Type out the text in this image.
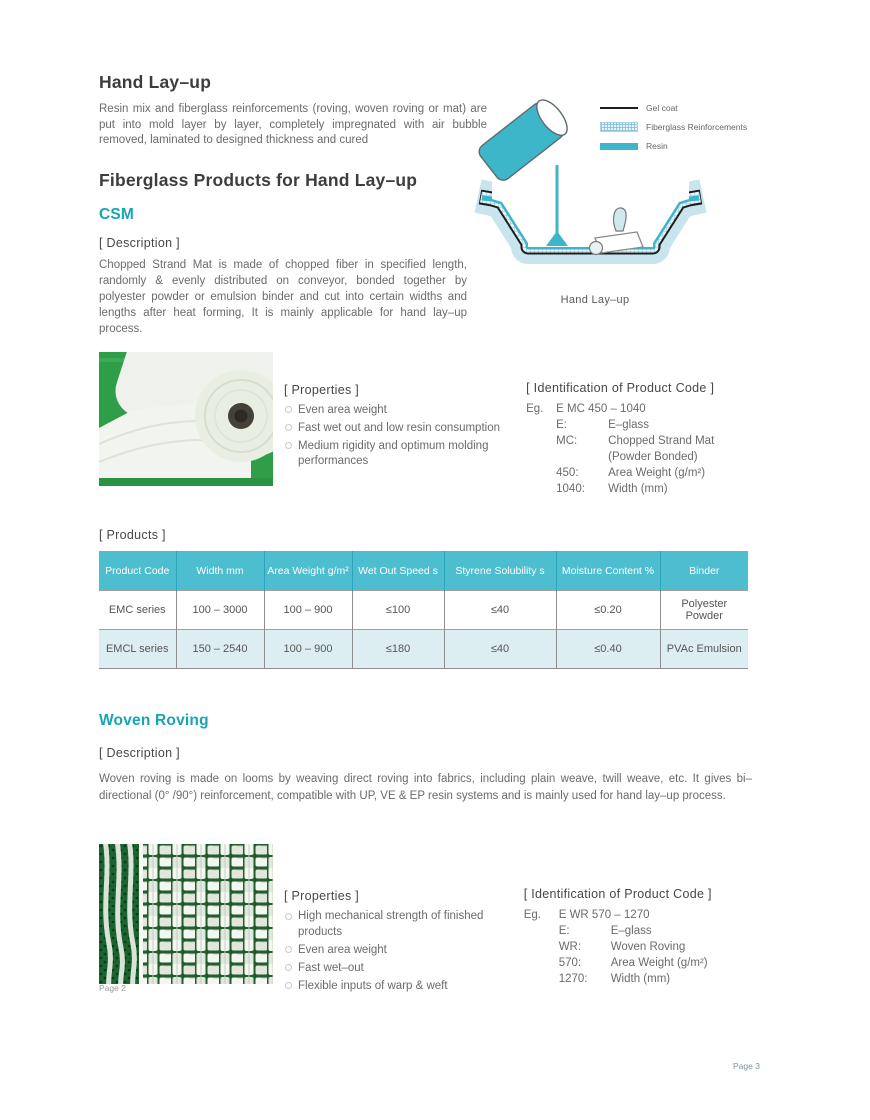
Gel coat
Fiberglass Reinforcements
Resin
Hand Lay–up
Hand Lay–up

Resin mix and fiberglass reinforcements (roving, woven roving or mat) are put into mold layer by layer, completely impregnated with air bubble removed, laminated to designed thickness and cured

Fiberglass Products for Hand Lay–up
CSM
[ Description ]

Chopped Strand Mat is made of chopped fiber in specified length, randomly & evenly distributed on conveyor, bonded together by polyester powder or emulsion binder and cut into certain widths and lengths after heat forming, It is mainly applicable for hand lay–up process.

[ Properties ]
Even area weight
Fast wet out and low resin consumption
Medium rigidity and optimum molding performances
[ Identification of Product Code ]
Eg.	E MC 450 – 1040
E:	E–glass
MC:	Chopped Strand Mat
(Powder Bonded)
450:	Area Weight (g/m²)
1040:	Width (mm)
[ Products ]
Product Code	Width mm	Area Weight g/m²	Wet Out Speed s	Styrene Solubility s	Moisture Content %	Binder
EMC series	100 – 3000	100 – 900	≤100	≤40	≤0.20	Polyester Powder
EMCL series	150 – 2540	100 – 900	≤180	≤40	≤0.40	PVAc Emulsion
Woven Roving
[ Description ]

Woven roving is made on looms by weaving direct roving into fabrics, including plain weave, twill weave, etc. It gives bi–directional (0° /90°) reinforcement, compatible with UP, VE & EP resin systems and is mainly used for hand lay–up process.

[ Properties ]
High mechanical strength of finished products
Even area weight
Fast wet–out
Flexible inputs of warp & weft
[ Identification of Product Code ]
Eg.	E WR 570 – 1270
E:	E–glass
WR:	Woven Roving
570:	Area Weight (g/m²)
1270:	Width (mm)
Page 2
Page 3
